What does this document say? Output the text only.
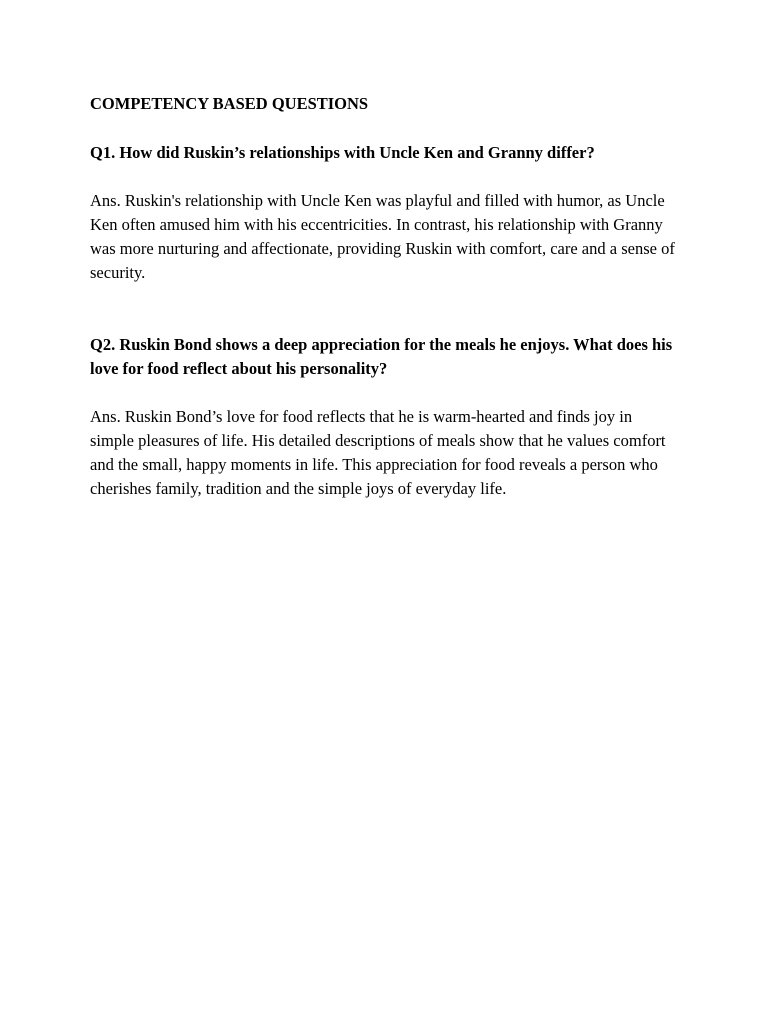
COMPETENCY BASED QUESTIONS

Q1. How did Ruskin’s relationships with Uncle Ken and Granny differ?

Ans. Ruskin's relationship with Uncle Ken was playful and filled with humor, as Uncle Ken often amused him with his eccentricities. In contrast, his relationship with Granny was more nurturing and affectionate, providing Ruskin with comfort, care and a sense of security.

Q2. Ruskin Bond shows a deep appreciation for the meals he enjoys. What does his love for food reflect about his personality?

Ans. Ruskin Bond’s love for food reflects that he is warm-hearted and finds joy in simple pleasures of life. His detailed descriptions of meals show that he values comfort and the small, happy moments in life. This appreciation for food reveals a person who cherishes family, tradition and the simple joys of everyday life.
